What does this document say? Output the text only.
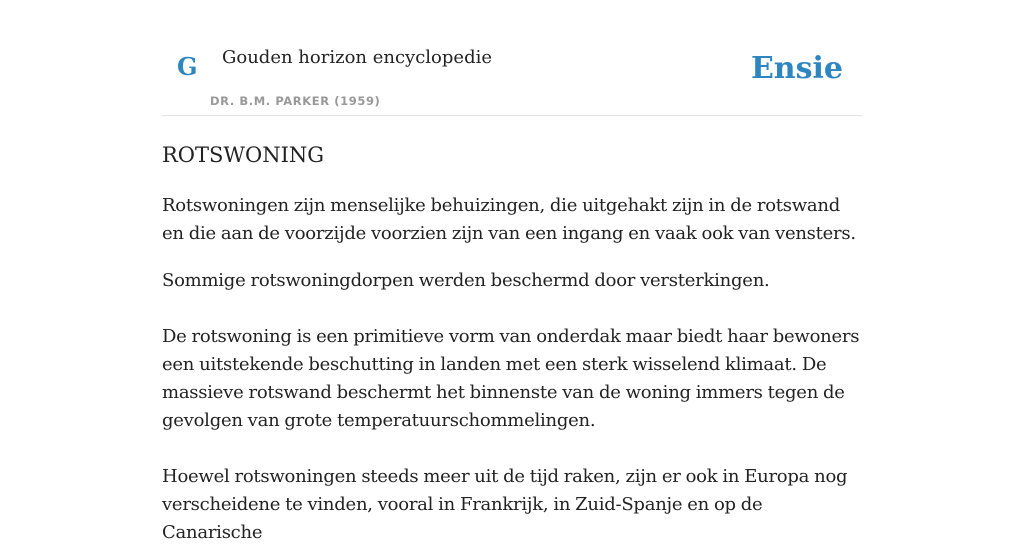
G Gouden horizon encyclopedie
DR. B.M. PARKER (1959)
Ensie
ROTSWONING

Rotswoningen zijn menselijke behuizingen, die uitgehakt zijn in de rotswand en die aan de voorzijde voorzien zijn van een ingang en vaak ook van vensters.

Sommige rotswoningdorpen werden beschermd door versterkingen.

De rotswoning is een primitieve vorm van onderdak maar biedt haar bewoners een uitstekende beschutting in landen met een sterk wisselend klimaat. De massieve rotswand beschermt het binnenste van de woning immers tegen de gevolgen van grote temperatuurschommelingen.

Hoewel rotswoningen steeds meer uit de tijd raken, zijn er ook in Europa nog verscheidene te vinden, vooral in Frankrijk, in Zuid-Spanje en op de Canarische
